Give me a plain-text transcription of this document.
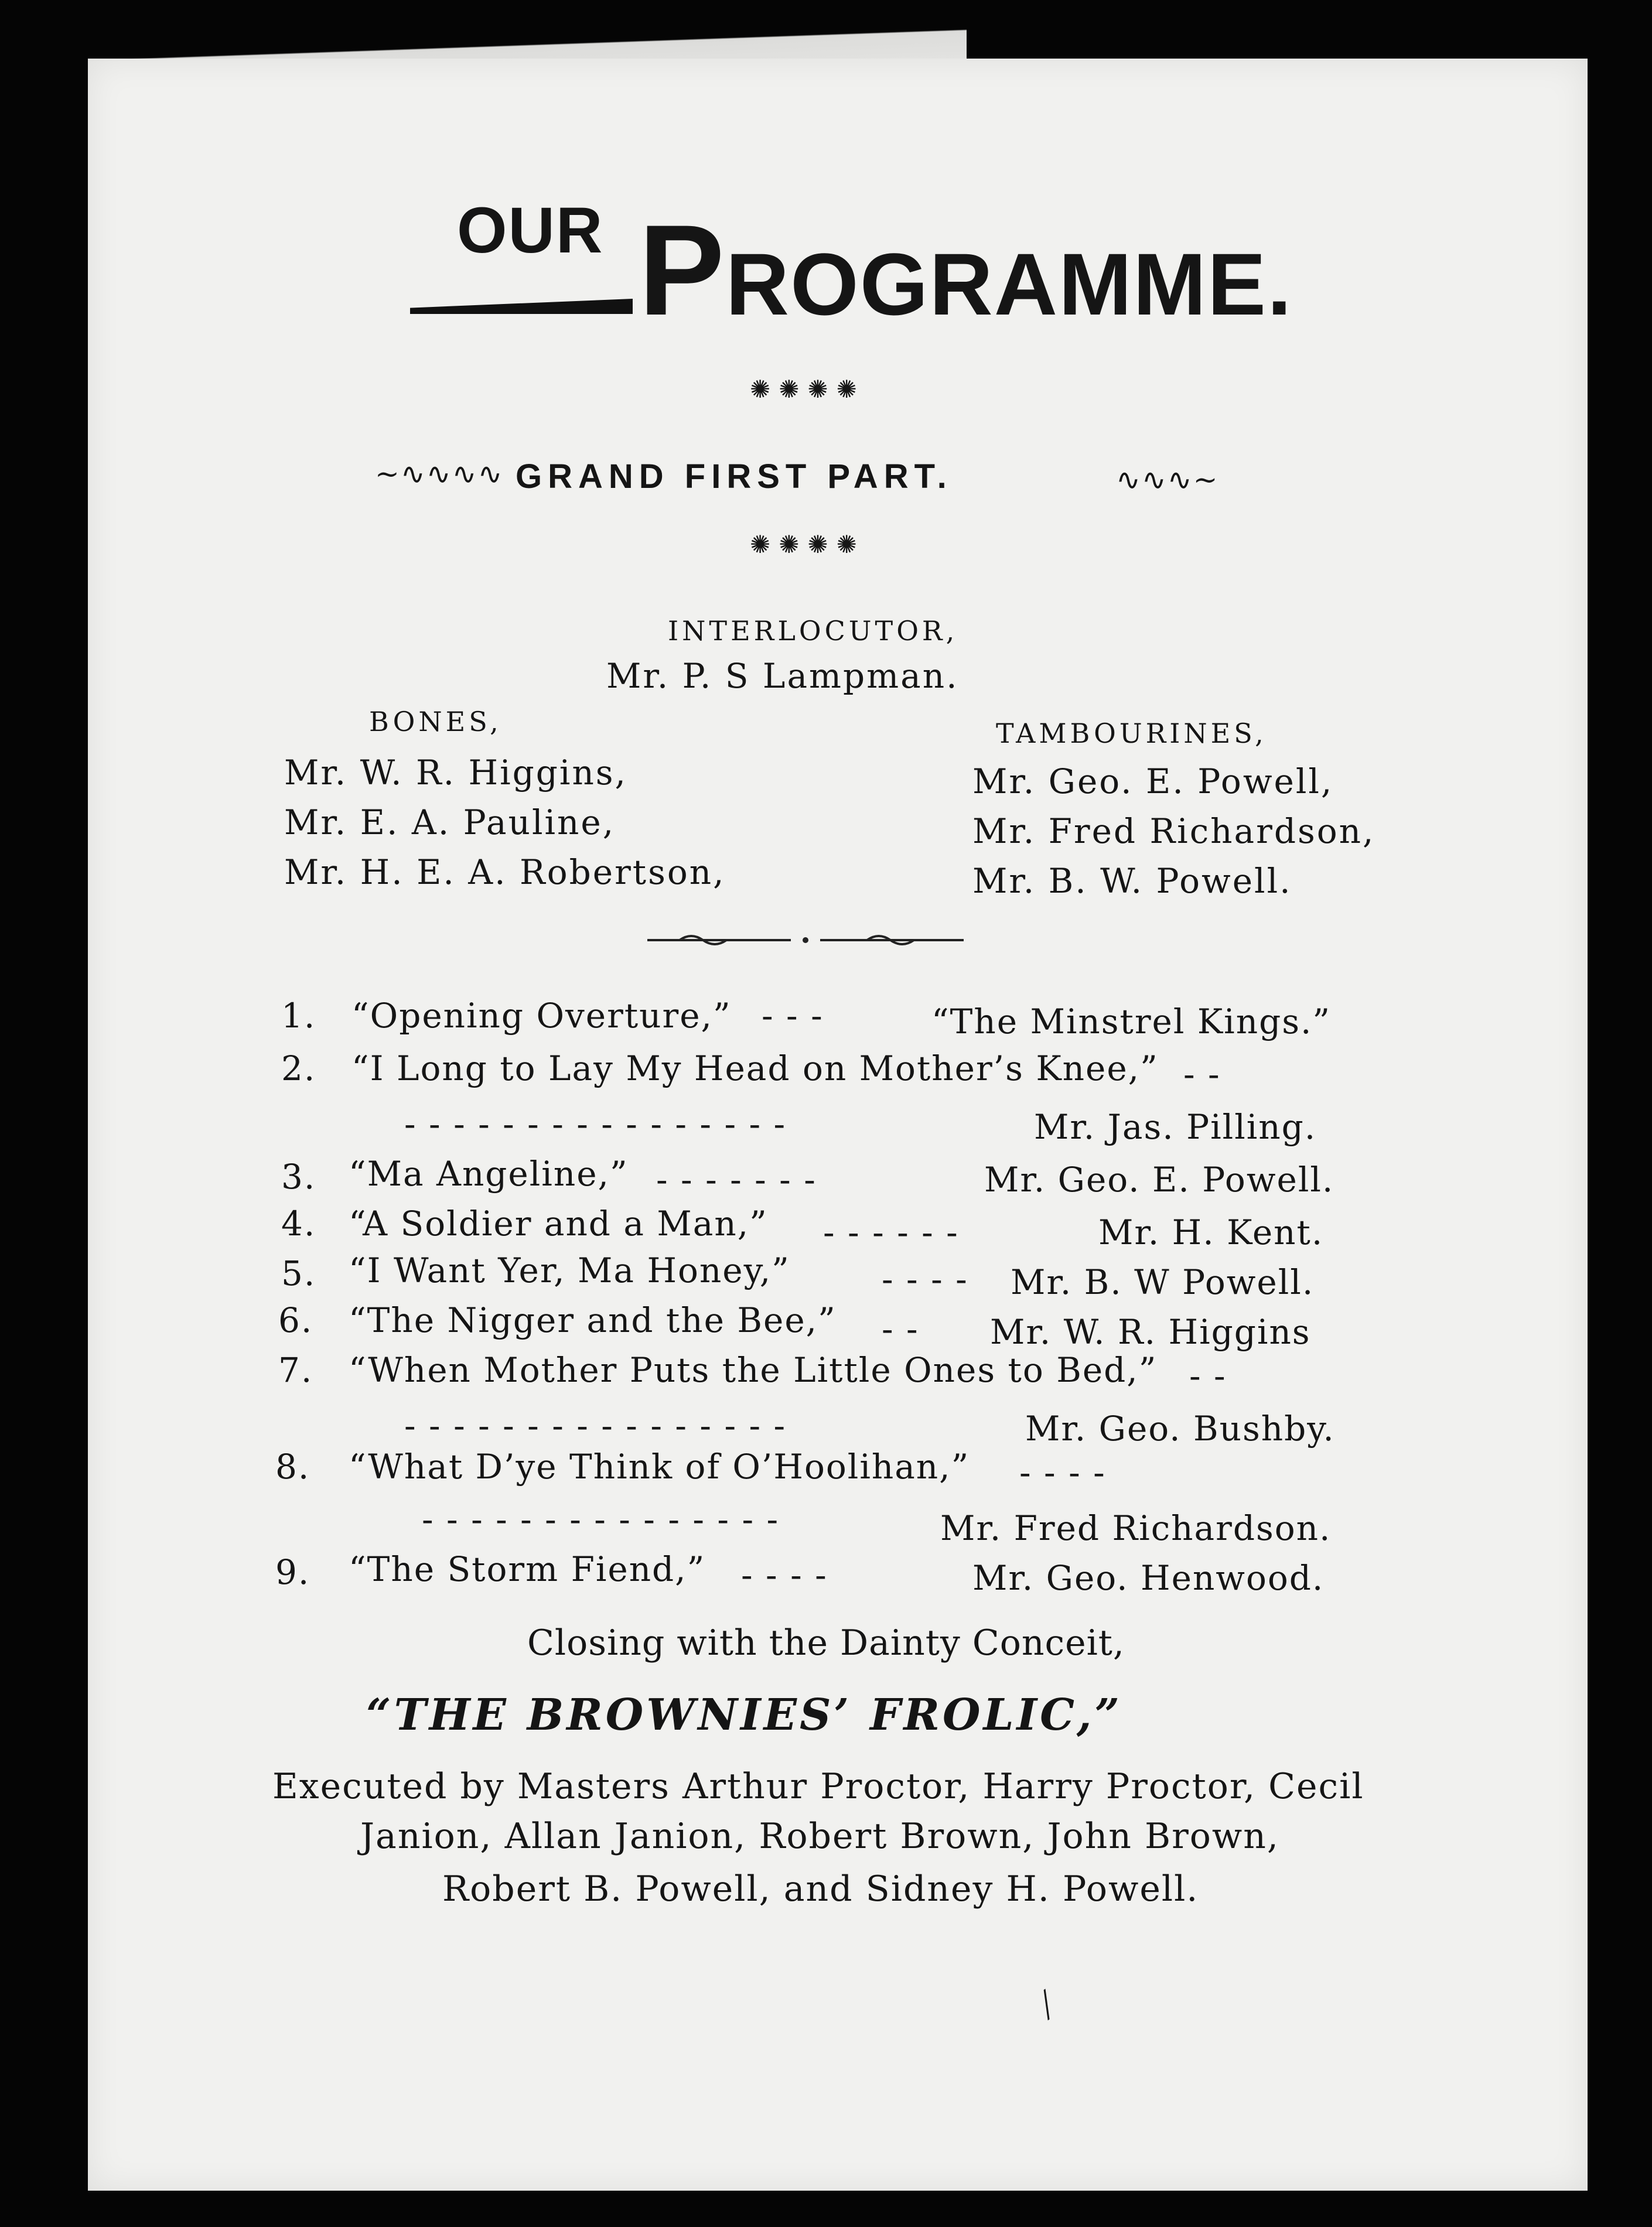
OUR PROGRAMME.
✺✺✺✺
~∿∿∿∿ GRAND FIRST PART.	∿∿∿~
✺✺✺✺
INTERLOCUTOR,
Mr. P. S Lampman.
BONES,
Mr. W. R. Higgins,
Mr. E. A. Pauline,
Mr. H. E. A. Robertson,
TAMBOURINES,
Mr. Geo. E. Powell,
Mr. Fred Richardson,
Mr. B. W. Powell.
1. “Opening Overture,” - - -	“The Minstrel Kings.”
2. “I Long to Lay My Head on Mother’s Knee,” - -
- - - - - - - - - - - - - - - -	Mr. Jas. Pilling.
3. “Ma Angeline,” - - - - - - -	Mr. Geo. E. Powell.
4. “A Soldier and a Man,” - - - - - -	Mr. H. Kent.
5. “I Want Yer, Ma Honey,”	- - - - Mr. B. W Powell.
6. “The Nigger and the Bee,” - - Mr. W. R. Higgins
7. “When Mother Puts the Little Ones to Bed,” - -
- - - - - - - - - - - - - - - -	Mr. Geo. Bushby.
8. “What D’ye Think of O’Hoolihan,” - - - -
- - - - - - - - - - - - - - -	Mr. Fred Richardson.
9. “The Storm Fiend,” - - - -	Mr. Geo. Henwood.
Closing with the Dainty Conceit,
“THE BROWNIES’ FROLIC,”
Executed by Masters Arthur Proctor, Harry Proctor, Cecil
Janion, Allan Janion, Robert Brown, John Brown,
Robert B. Powell, and Sidney H. Powell.
╱
